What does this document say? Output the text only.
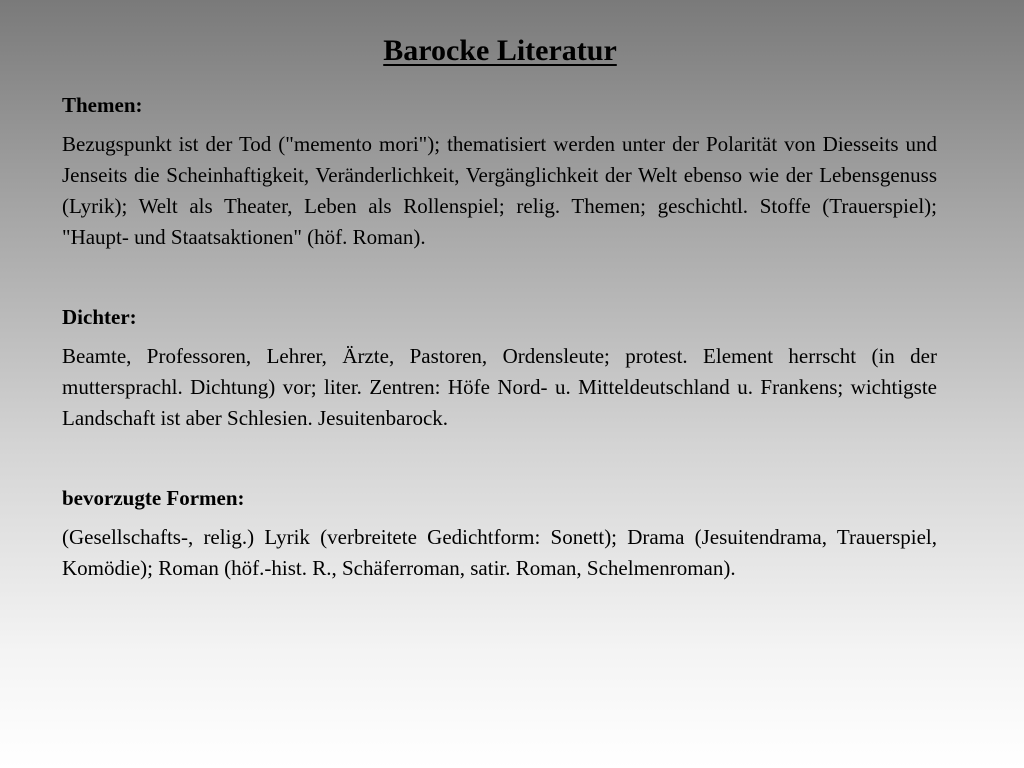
Barocke Literatur

Themen:

Bezugspunkt ist der Tod ("memento mori"); thematisiert werden unter der Polarität von Diesseits und Jenseits die Scheinhaftigkeit, Veränderlichkeit, Vergänglichkeit der Welt ebenso wie der Lebensgenuss (Lyrik); Welt als Theater, Leben als Rollenspiel; relig. Themen; geschichtl. Stoffe (Trauerspiel); "Haupt- und Staatsaktionen" (höf. Roman).

Dichter:

Beamte, Professoren, Lehrer, Ärzte, Pastoren, Ordensleute; protest. Element herrscht (in der muttersprachl. Dichtung) vor; liter. Zentren: Höfe Nord- u. Mitteldeutschland u. Frankens; wichtigste Landschaft ist aber Schlesien. Jesuitenbarock.

bevorzugte Formen:

(Gesellschafts-, relig.) Lyrik (verbreitete Gedichtform: Sonett); Drama (Jesuitendrama, Trauerspiel, Komödie); Roman (höf.-hist. R., Schäferroman, satir. Roman, Schelmenroman).
